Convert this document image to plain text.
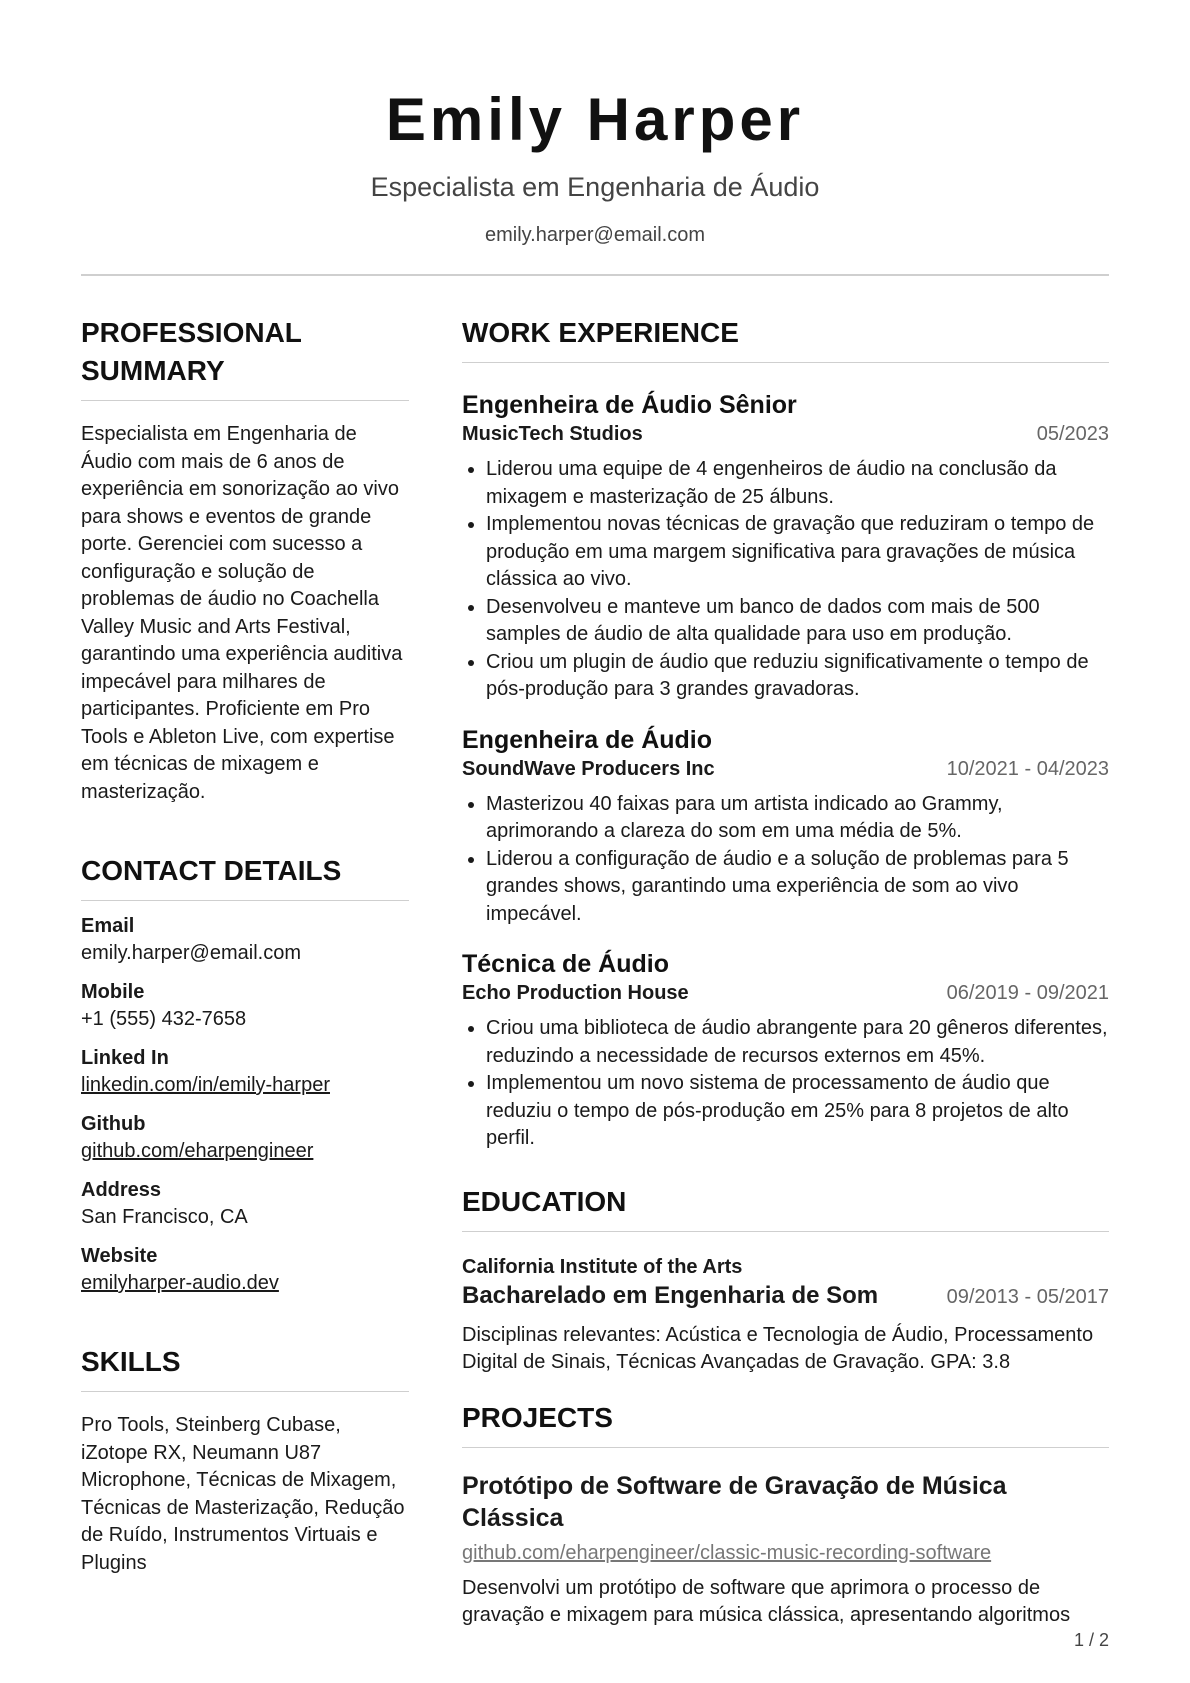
Emily Harper
Especialista em Engenharia de Áudio
emily.harper@email.com
PROFESSIONAL SUMMARY

Especialista em Engenharia de Áudio com mais de 6 anos de experiência em sonorização ao vivo para shows e eventos de grande porte. Gerenciei com sucesso a configuração e solução de problemas de áudio no Coachella Valley Music and Arts Festival, garantindo uma experiência auditiva impecável para milhares de participantes. Proficiente em Pro Tools e Ableton Live, com expertise em técnicas de mixagem e masterização.

CONTACT DETAILS
Email
emily.harper@email.com
Mobile
+1 (555) 432-7658
Linked In
linkedin.com/in/emily-harper
Github
github.com/eharpengineer
Address
San Francisco, CA
Website
emilyharper-audio.dev
SKILLS

Pro Tools, Steinberg Cubase, iZotope RX, Neumann U87 Microphone, Técnicas de Mixagem, Técnicas de Masterização, Redução de Ruído, Instrumentos Virtuais e Plugins

WORK EXPERIENCE
Engenheira de Áudio Sênior
MusicTech Studios	05/2023
• Liderou uma equipe de 4 engenheiros de áudio na conclusão da mixagem e masterização de 25 álbuns.
• Implementou novas técnicas de gravação que reduziram o tempo de produção em uma margem significativa para gravações de música clássica ao vivo.
• Desenvolveu e manteve um banco de dados com mais de 500 samples de áudio de alta qualidade para uso em produção.
• Criou um plugin de áudio que reduziu significativamente o tempo de pós-produção para 3 grandes gravadoras.
Engenheira de Áudio
SoundWave Producers Inc	10/2021 - 04/2023
• Masterizou 40 faixas para um artista indicado ao Grammy, aprimorando a clareza do som em uma média de 5%.
• Liderou a configuração de áudio e a solução de problemas para 5 grandes shows, garantindo uma experiência de som ao vivo impecável.
Técnica de Áudio
Echo Production House	06/2019 - 09/2021
• Criou uma biblioteca de áudio abrangente para 20 gêneros diferentes, reduzindo a necessidade de recursos externos em 45%.
• Implementou um novo sistema de processamento de áudio que reduziu o tempo de pós-produção em 25% para 8 projetos de alto perfil.
EDUCATION
California Institute of the Arts
Bacharelado em Engenharia de Som	09/2013 - 05/2017
Disciplinas relevantes: Acústica e Tecnologia de Áudio, Processamento Digital de Sinais, Técnicas Avançadas de Gravação. GPA: 3.8
PROJECTS
Protótipo de Software de Gravação de Música Clássica
github.com/eharpengineer/classic-music-recording-software
Desenvolvi um protótipo de software que aprimora o processo de gravação e mixagem para música clássica, apresentando algoritmos
1 / 2
